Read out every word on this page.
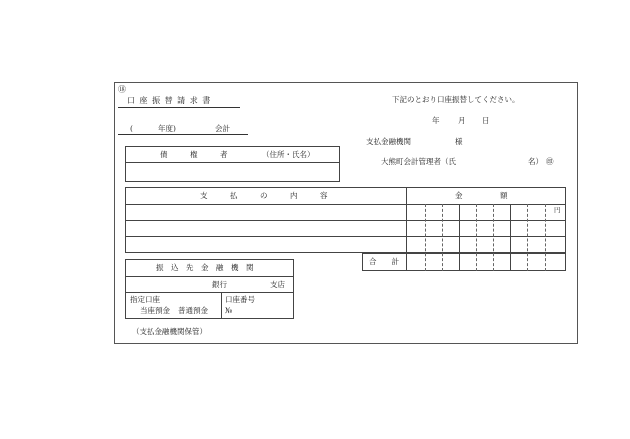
⑱
口 座 振 替 請 求 書
(	年度)	会計
下記のとおり口座振替してください。
年 月 日
支払金融機関	様
大熊町会計管理者（氏	名） ㊞
債　　　権　　　者	（住所・氏名）
支　　　払　　　の　　　内　　　容	金　　　　　額
円
合　　計
振　込　先　金　融　機　関
銀行	支店
指定口座
当座預金 普通預金
口座番号
№
（支払金融機関保管）
